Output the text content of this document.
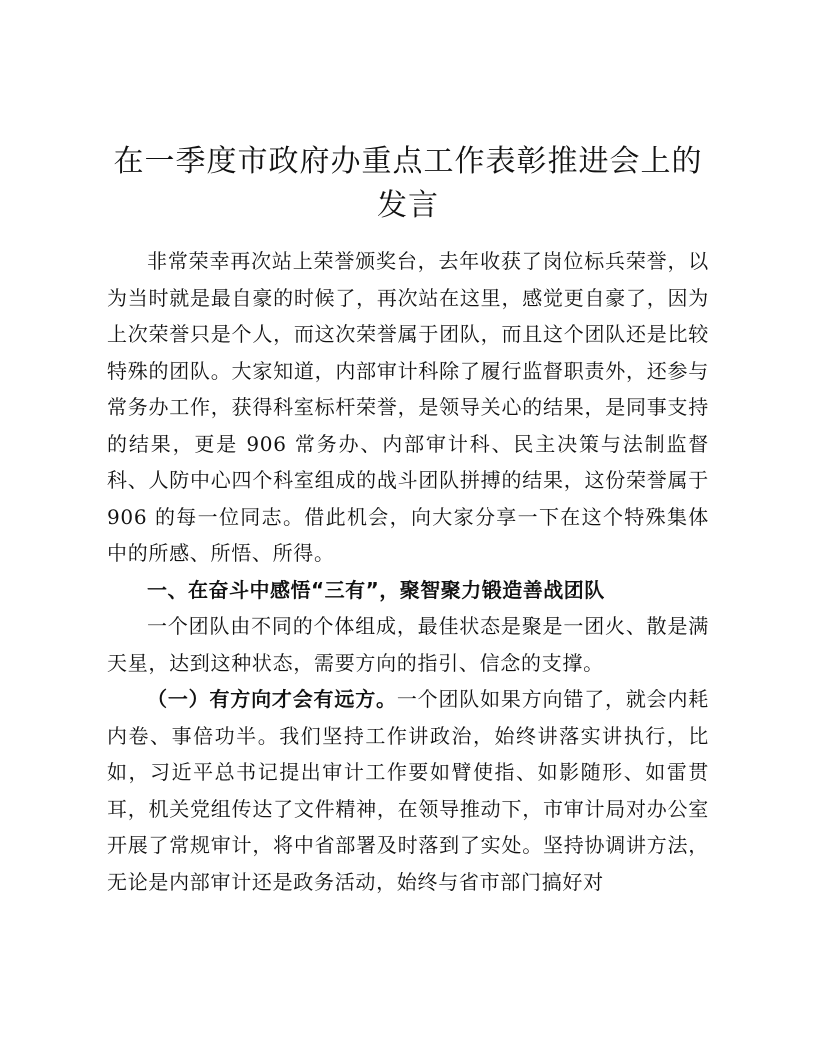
在一季度市政府办重点工作表彰推进会上的发言

非常荣幸再次站上荣誉颁奖台，去年收获了岗位标兵荣誉，以为当时就是最自豪的时候了，再次站在这里，感觉更自豪了，因为上次荣誉只是个人，而这次荣誉属于团队，而且这个团队还是比较特殊的团队。大家知道，内部审计科除了履行监督职责外，还参与常务办工作，获得科室标杆荣誉，是领导关心的结果，是同事支持的结果，更是 906 常务办、内部审计科、民主决策与法制监督科、人防中心四个科室组成的战斗团队拼搏的结果，这份荣誉属于 906 的每一位同志。借此机会，向大家分享一下在这个特殊集体中的所感、所悟、所得。

一、在奋斗中感悟“三有”，聚智聚力锻造善战团队

一个团队由不同的个体组成，最佳状态是聚是一团火、散是满天星，达到这种状态，需要方向的指引、信念的支撑。

（一）有方向才会有远方。一个团队如果方向错了，就会内耗内卷、事倍功半。我们坚持工作讲政治，始终讲落实讲执行，比如，习近平总书记提出审计工作要如臂使指、如影随形、如雷贯耳，机关党组传达了文件精神，在领导推动下，市审计局对办公室开展了常规审计，将中省部署及时落到了实处。坚持协调讲方法，无论是内部审计还是政务活动，始终与省市部门搞好对
